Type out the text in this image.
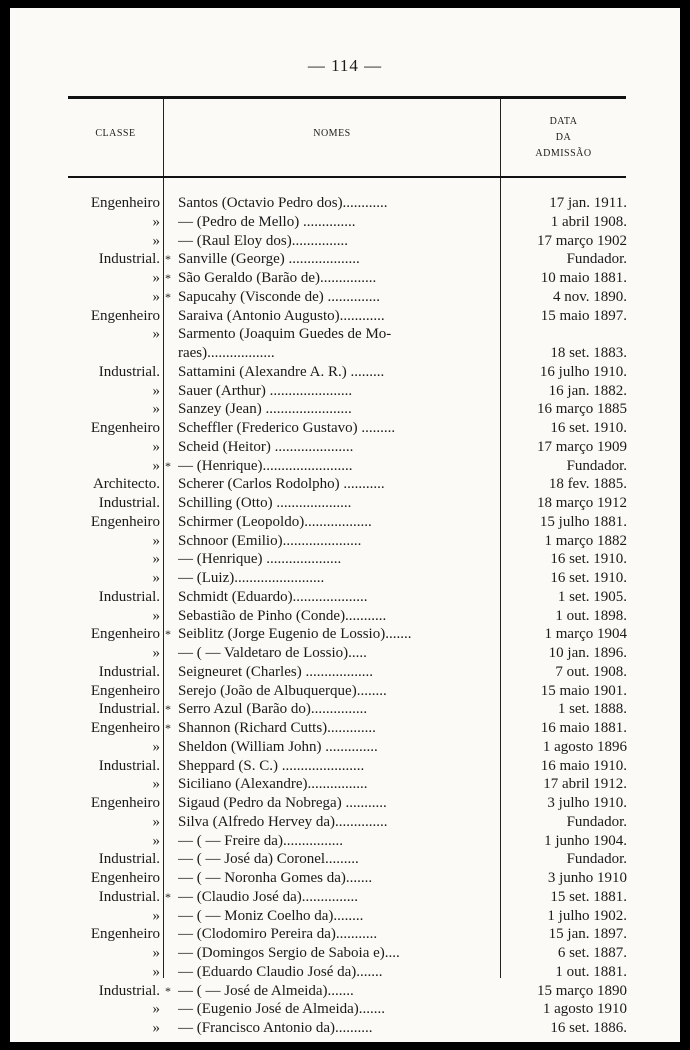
— 114 —
CLASSE	NOMES
DATA
DA
ADMISSÃO
Engenheiro Santos (Octavio Pedro dos)............	17 jan. 1911.
» — (Pedro de Mello) ..............	1 abril 1908.
» — (Raul Eloy dos)...............	17 março 1902
Industrial. * Sanville (George) ...................	Fundador.
» * São Geraldo (Barão de)...............	10 maio 1881.
» * Sapucahy (Visconde de) ..............	4 nov. 1890.
Engenheiro Saraiva (Antonio Augusto)............	15 maio 1897.
» Sarmento (Joaquim Guedes de Mo-
raes)..................	18 set. 1883.
Industrial. Sattamini (Alexandre A. R.) .........	16 julho 1910.
» Sauer (Arthur) ......................	16 jan. 1882.
» Sanzey (Jean) .......................	16 março 1885
Engenheiro Scheffler (Frederico Gustavo) .........	16 set. 1910.
» Scheid (Heitor) .....................	17 março 1909
» * — (Henrique)........................	Fundador.
Architecto. Scherer (Carlos Rodolpho) ...........	18 fev. 1885.
Industrial. Schilling (Otto) ....................	18 março 1912
Engenheiro Schirmer (Leopoldo)..................	15 julho 1881.
» Schnoor (Emilio).....................	1 março 1882
» — (Henrique) ....................	16 set. 1910.
» — (Luiz)........................	16 set. 1910.
Industrial. Schmidt (Eduardo)....................	1 set. 1905.
» Sebastião de Pinho (Conde)...........	1 out. 1898.
Engenheiro * Seiblitz (Jorge Eugenio de Lossio).......	1 março 1904
» — ( — Valdetaro de Lossio).....	10 jan. 1896.
Industrial. Seigneuret (Charles) ..................	7 out. 1908.
Engenheiro Serejo (João de Albuquerque)........	15 maio 1901.
Industrial. * Serro Azul (Barão do)...............	1 set. 1888.
Engenheiro * Shannon (Richard Cutts).............	16 maio 1881.
» Sheldon (William John) ..............	1 agosto 1896
Industrial. Sheppard (S. C.) ......................	16 maio 1910.
» Siciliano (Alexandre)................	17 abril 1912.
Engenheiro Sigaud (Pedro da Nobrega) ...........	3 julho 1910.
» Silva (Alfredo Hervey da)..............	Fundador.
» — ( — Freire da)................	1 junho 1904.
Industrial. — ( — José da) Coronel.........	Fundador.
Engenheiro — ( — Noronha Gomes da).......	3 junho 1910
Industrial. * — (Claudio José da)...............	15 set. 1881.
» — ( — Moniz Coelho da)........	1 julho 1902.
Engenheiro — (Clodomiro Pereira da)...........	15 jan. 1897.
» — (Domingos Sergio de Saboia e)....	6 set. 1887.
» — (Eduardo Claudio José da).......	1 out. 1881.
Industrial. * — ( — José de Almeida).......	15 março 1890
» — (Eugenio José de Almeida).......	1 agosto 1910
» — (Francisco Antonio da)..........	16 set. 1886.
